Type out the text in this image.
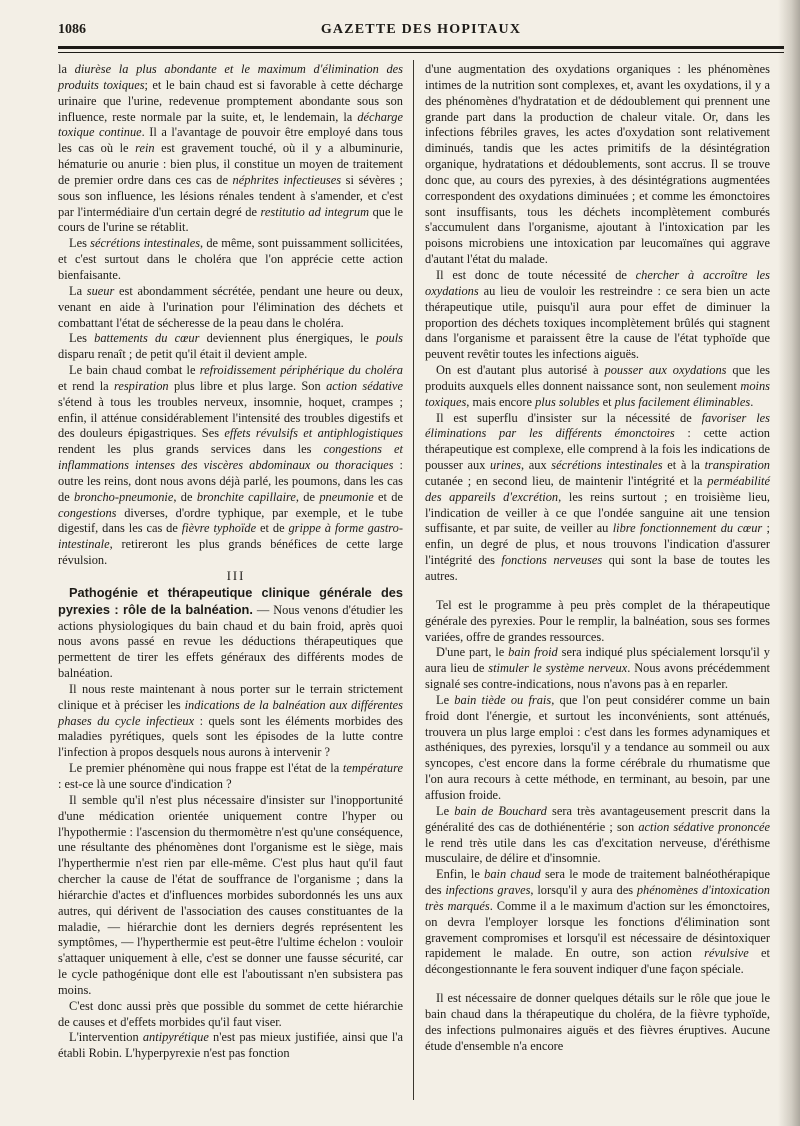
1086	GAZETTE DES HOPITAUX

la diurèse la plus abondante et le maximum d'élimination des produits toxiques; et le bain chaud est si favorable à cette décharge urinaire que l'urine, redevenue promptement abondante sous son influence, reste normale par la suite, et, le lendemain, la décharge toxique continue. Il a l'avantage de pouvoir être employé dans tous les cas où le rein est gravement touché, où il y a albuminurie, hématurie ou anurie : bien plus, il constitue un moyen de traitement de premier ordre dans ces cas de néphrites infectieuses si sévères ; sous son influence, les lésions rénales tendent à s'amender, et c'est par l'intermédiaire d'un certain degré de restitutio ad integrum que le cours de l'urine se rétablit.

Les sécrétions intestinales, de même, sont puissamment sollicitées, et c'est surtout dans le choléra que l'on apprécie cette action bienfaisante.

La sueur est abondamment sécrétée, pendant une heure ou deux, venant en aide à l'urination pour l'élimination des déchets et combattant l'état de sécheresse de la peau dans le choléra.

Les battements du cœur deviennent plus énergiques, le pouls disparu renaît ; de petit qu'il était il devient ample.

Le bain chaud combat le refroidissement périphérique du choléra et rend la respiration plus libre et plus large. Son action sédative s'étend à tous les troubles nerveux, insomnie, hoquet, crampes ; enfin, il atténue considérablement l'intensité des troubles digestifs et des douleurs épigastriques. Ses effets révulsifs et antiphlogistiques rendent les plus grands services dans les congestions et inflammations intenses des viscères abdominaux ou thoraciques : outre les reins, dont nous avons déjà parlé, les poumons, dans les cas de broncho-pneumonie, de bronchite capillaire, de pneumonie et de congestions diverses, d'ordre typhique, par exemple, et le tube digestif, dans les cas de fièvre typhoïde et de grippe à forme gastro-intestinale, retireront les plus grands bénéfices de cette large révulsion.

III

Pathogénie et thérapeutique clinique générale des pyrexies : rôle de la balnéation. — Nous venons d'étudier les actions physiologiques du bain chaud et du bain froid, après quoi nous avons passé en revue les déductions thérapeutiques que permettent de tirer les effets généraux des différents modes de balnéation.

Il nous reste maintenant à nous porter sur le terrain strictement clinique et à préciser les indications de la balnéation aux différentes phases du cycle infectieux : quels sont les éléments morbides des maladies pyrétiques, quels sont les épisodes de la lutte contre l'infection à propos desquels nous aurons à intervenir ?

Le premier phénomène qui nous frappe est l'état de la température : est-ce là une source d'indication ?

Il semble qu'il n'est plus nécessaire d'insister sur l'inopportunité d'une médication orientée uniquement contre l'hyper ou l'hypothermie : l'ascension du thermomètre n'est qu'une conséquence, une résultante des phénomènes dont l'organisme est le siège, mais l'hyperthermie n'est rien par elle-même. C'est plus haut qu'il faut chercher la cause de l'état de souffrance de l'organisme ; dans la hiérarchie d'actes et d'influences morbides subordonnés les uns aux autres, qui dérivent de l'association des causes constituantes de la maladie, — hiérarchie dont les derniers degrés représentent les symptômes, — l'hyperthermie est peut-être l'ultime échelon : vouloir s'attaquer uniquement à elle, c'est se donner une fausse sécurité, car le cycle pathogénique dont elle est l'aboutissant n'en subsistera pas moins.

C'est donc aussi près que possible du sommet de cette hiérarchie de causes et d'effets morbides qu'il faut viser.

L'intervention antipyrétique n'est pas mieux justifiée, ainsi que l'a établi Robin. L'hyperpyrexie n'est pas fonction

d'une augmentation des oxydations organiques : les phénomènes intimes de la nutrition sont complexes, et, avant les oxydations, il y a des phénomènes d'hydratation et de dédoublement qui prennent une grande part dans la production de chaleur vitale. Or, dans les infections fébriles graves, les actes d'oxydation sont relativement diminués, tandis que les actes primitifs de la désintégration organique, hydratations et dédoublements, sont accrus. Il se trouve donc que, au cours des pyrexies, à des désintégrations augmentées correspondent des oxydations diminuées ; et comme les émonctoires sont insuffisants, tous les déchets incomplètement comburés s'accumulent dans l'organisme, ajoutant à l'intoxication par les poisons microbiens une intoxication par leucomaïnes qui aggrave d'autant l'état du malade.

Il est donc de toute nécessité de chercher à accroître les oxydations au lieu de vouloir les restreindre : ce sera bien un acte thérapeutique utile, puisqu'il aura pour effet de diminuer la proportion des déchets toxiques incomplètement brûlés qui stagnent dans l'organisme et paraissent être la cause de l'état typhoïde que peuvent revêtir toutes les infections aiguës.

On est d'autant plus autorisé à pousser aux oxydations que les produits auxquels elles donnent naissance sont, non seulement moins toxiques, mais encore plus solubles et plus facilement éliminables.

Il est superflu d'insister sur la nécessité de favoriser les éliminations par les différents émonctoires : cette action thérapeutique est complexe, elle comprend à la fois les indications de pousser aux urines, aux sécrétions intestinales et à la transpiration cutanée ; en second lieu, de maintenir l'intégrité et la perméabilité des appareils d'excrétion, les reins surtout ; en troisième lieu, l'indication de veiller à ce que l'ondée sanguine ait une tension suffisante, et par suite, de veiller au libre fonctionnement du cœur ; enfin, un degré de plus, et nous trouvons l'indication d'assurer l'intégrité des fonctions nerveuses qui sont la base de toutes les autres.

Tel est le programme à peu près complet de la thérapeutique générale des pyrexies. Pour le remplir, la balnéation, sous ses formes variées, offre de grandes ressources.

D'une part, le bain froid sera indiqué plus spécialement lorsqu'il y aura lieu de stimuler le système nerveux. Nous avons précédemment signalé ses contre-indications, nous n'avons pas à en reparler.

Le bain tiède ou frais, que l'on peut considérer comme un bain froid dont l'énergie, et surtout les inconvénients, sont atténués, trouvera un plus large emploi : c'est dans les formes adynamiques et asthéniques, des pyrexies, lorsqu'il y a tendance au sommeil ou aux syncopes, c'est encore dans la forme cérébrale du rhumatisme que l'on aura recours à cette méthode, en terminant, au besoin, par une affusion froide.

Le bain de Bouchard sera très avantageusement prescrit dans la généralité des cas de dothiénentérie ; son action sédative prononcée le rend très utile dans les cas d'excitation nerveuse, d'éréthisme musculaire, de délire et d'insomnie.

Enfin, le bain chaud sera le mode de traitement balnéothérapique des infections graves, lorsqu'il y aura des phénomènes d'intoxication très marqués. Comme il a le maximum d'action sur les émonctoires, on devra l'employer lorsque les fonctions d'élimination sont gravement compromises et lorsqu'il est nécessaire de désintoxiquer rapidement le malade. En outre, son action révulsive et décongestionnante le fera souvent indiquer d'une façon spéciale.

Il est nécessaire de donner quelques détails sur le rôle que joue le bain chaud dans la thérapeutique du choléra, de la fièvre typhoïde, des infections pulmonaires aiguës et des fièvres éruptives. Aucune étude d'ensemble n'a encore
